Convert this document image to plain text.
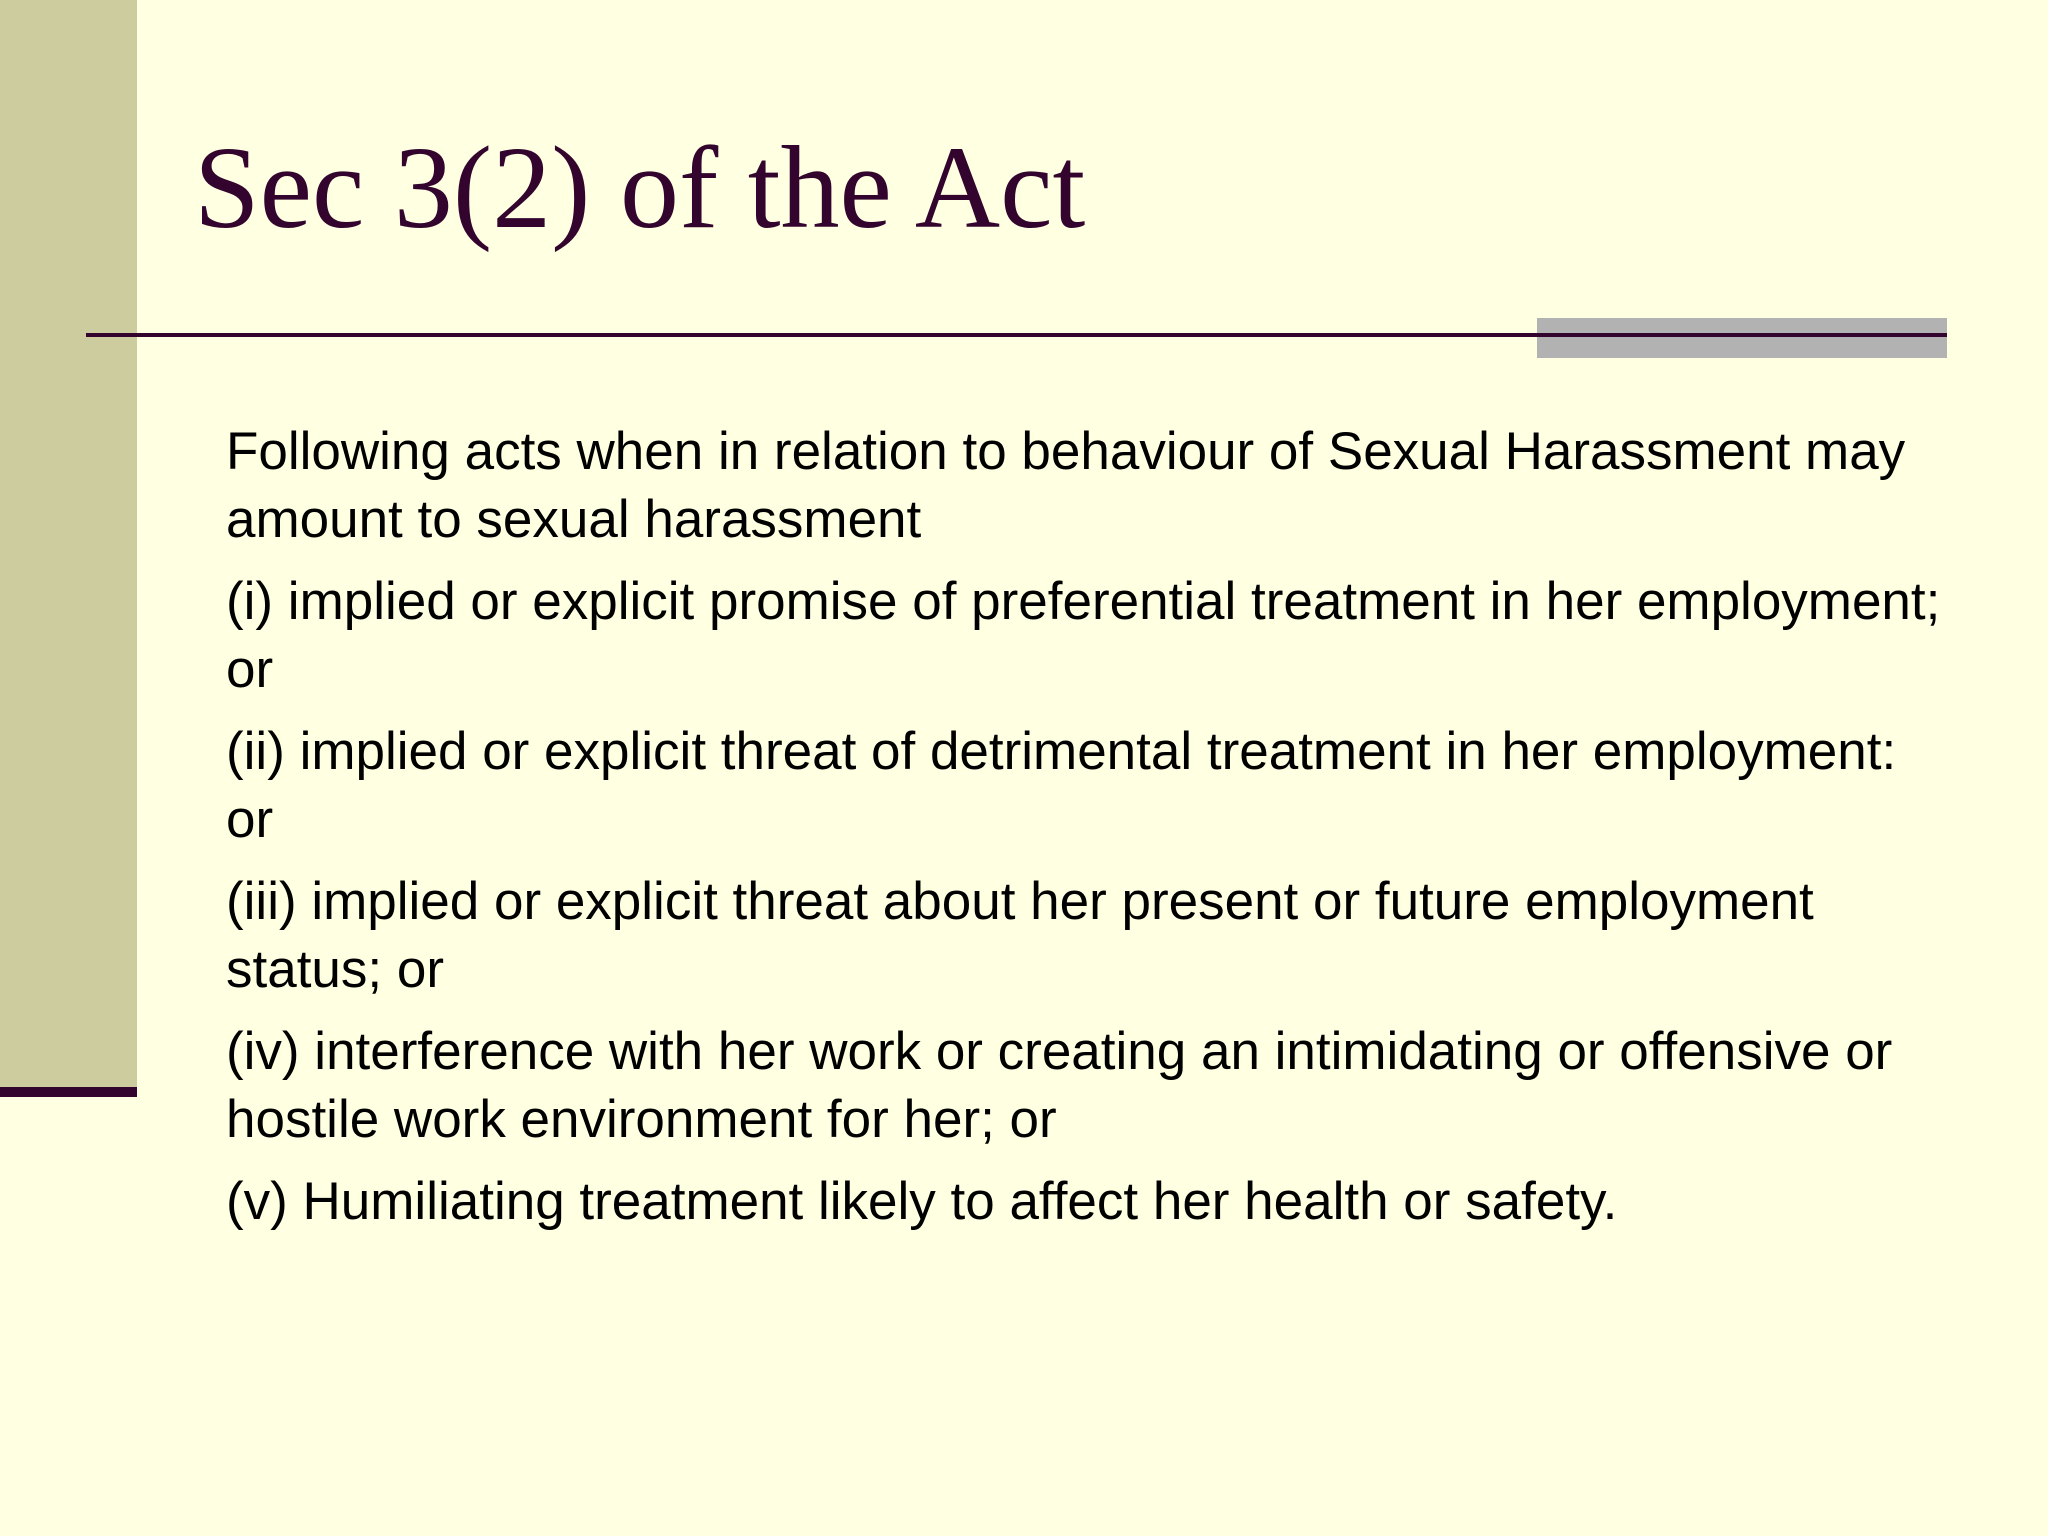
Sec 3(2) of the Act
Following acts when in relation to behaviour of Sexual Harassment may amount to sexual harassment
(i) implied or explicit promise of preferential treatment in her employment; or
(ii) implied or explicit threat of detrimental treatment in her employment: or
(iii) implied or explicit threat about her present or future employment status; or
(iv) interference with her work or creating an intimidating or offensive or hostile work environment for her; or
(v) Humiliating treatment likely to affect her health or safety.
